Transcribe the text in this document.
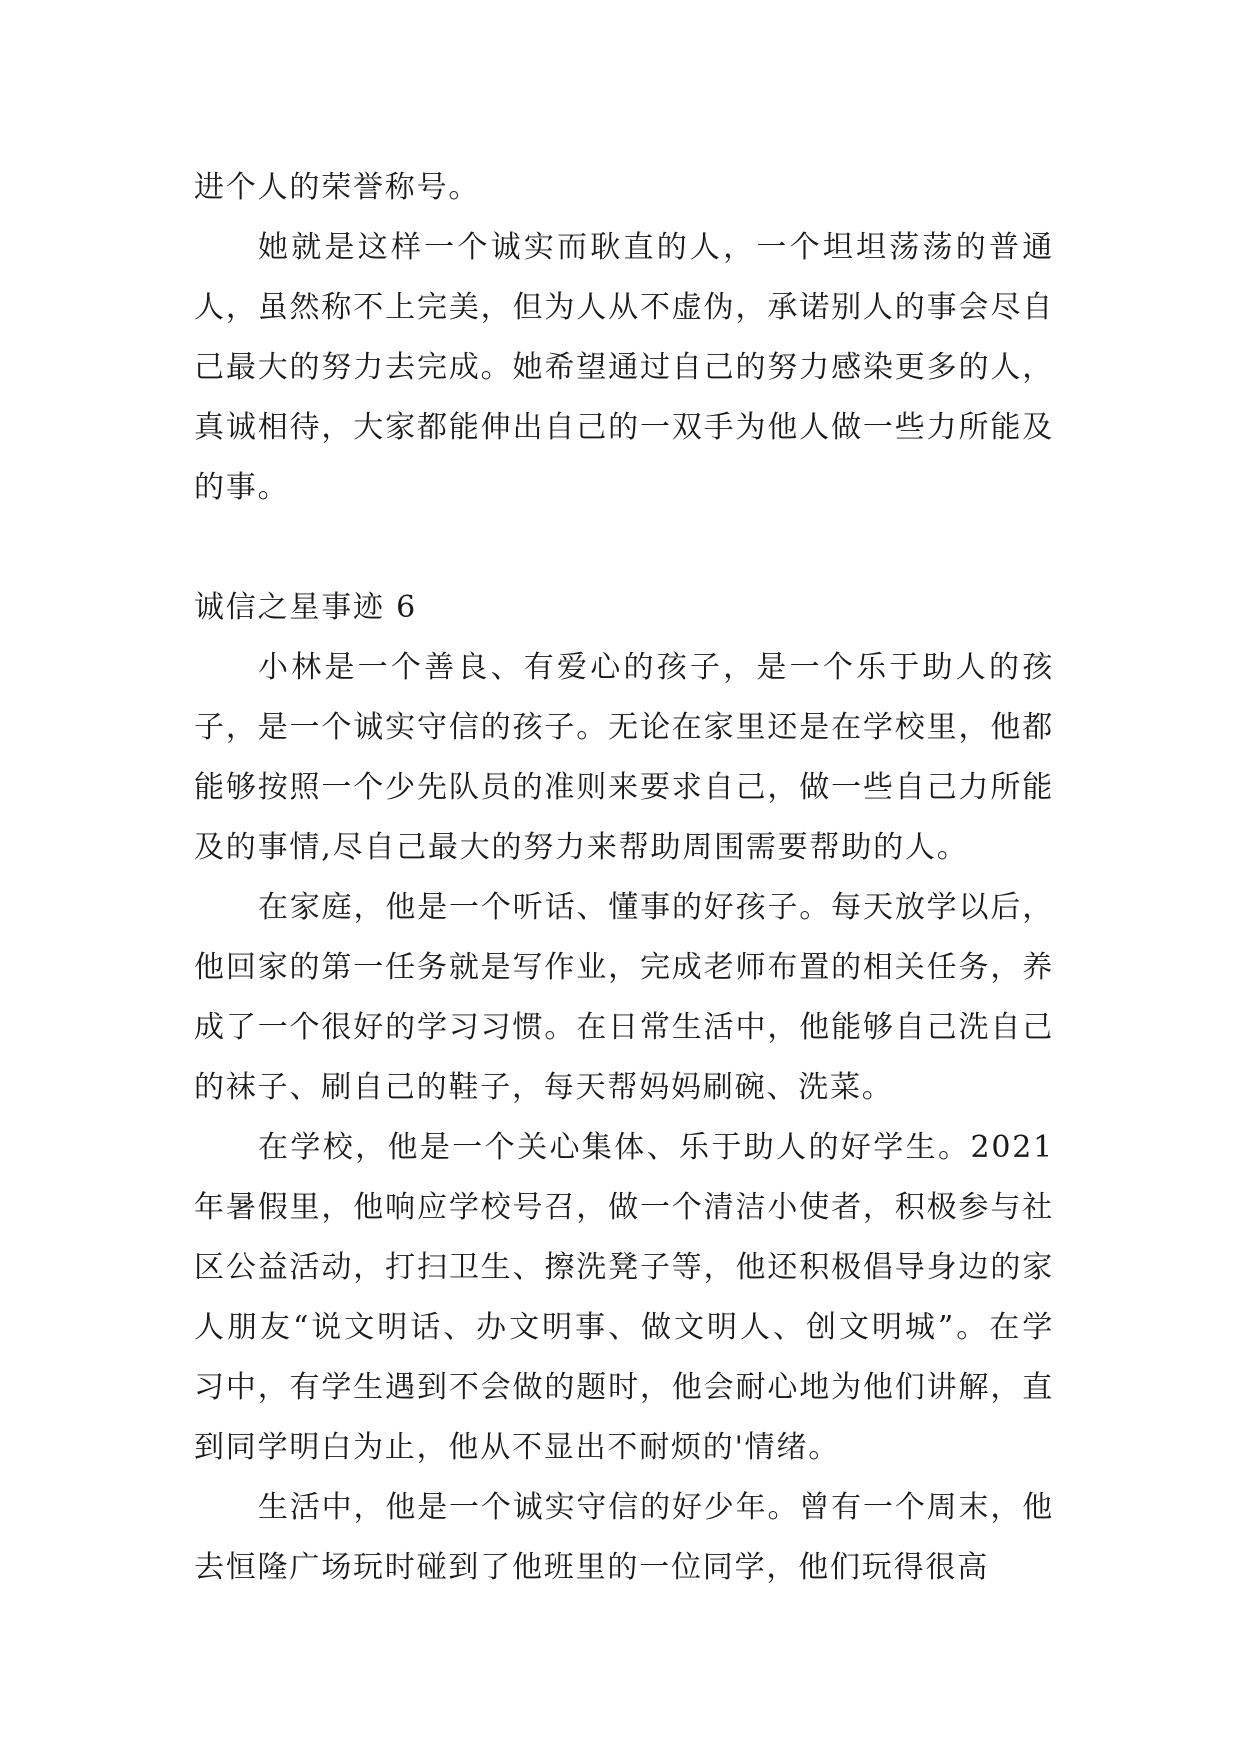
进个人的荣誉称号。

她就是这样一个诚实而耿直的人，一个坦坦荡荡的普通人，虽然称不上完美，但为人从不虚伪，承诺别人的事会尽自己最大的努力去完成。她希望通过自己的努力感染更多的人，真诚相待，大家都能伸出自己的一双手为他人做一些力所能及的事。

诚信之星事迹 6

小林是一个善良、有爱心的孩子，是一个乐于助人的孩子，是一个诚实守信的孩子。无论在家里还是在学校里，他都能够按照一个少先队员的准则来要求自己，做一些自己力所能及的事情,尽自己最大的努力来帮助周围需要帮助的人。

在家庭，他是一个听话、懂事的好孩子。每天放学以后，他回家的第一任务就是写作业，完成老师布置的相关任务，养成了一个很好的学习习惯。在日常生活中，他能够自己洗自己的袜子、刷自己的鞋子，每天帮妈妈刷碗、洗菜。

在学校，他是一个关心集体、乐于助人的好学生。2021年暑假里，他响应学校号召，做一个清洁小使者，积极参与社区公益活动，打扫卫生、擦洗凳子等，他还积极倡导身边的家人朋友“说文明话、办文明事、做文明人、创文明城”。在学习中，有学生遇到不会做的题时，他会耐心地为他们讲解，直到同学明白为止，他从不显出不耐烦的'情绪。

生活中，他是一个诚实守信的好少年。曾有一个周末，他去恒隆广场玩时碰到了他班里的一位同学，他们玩得很高
